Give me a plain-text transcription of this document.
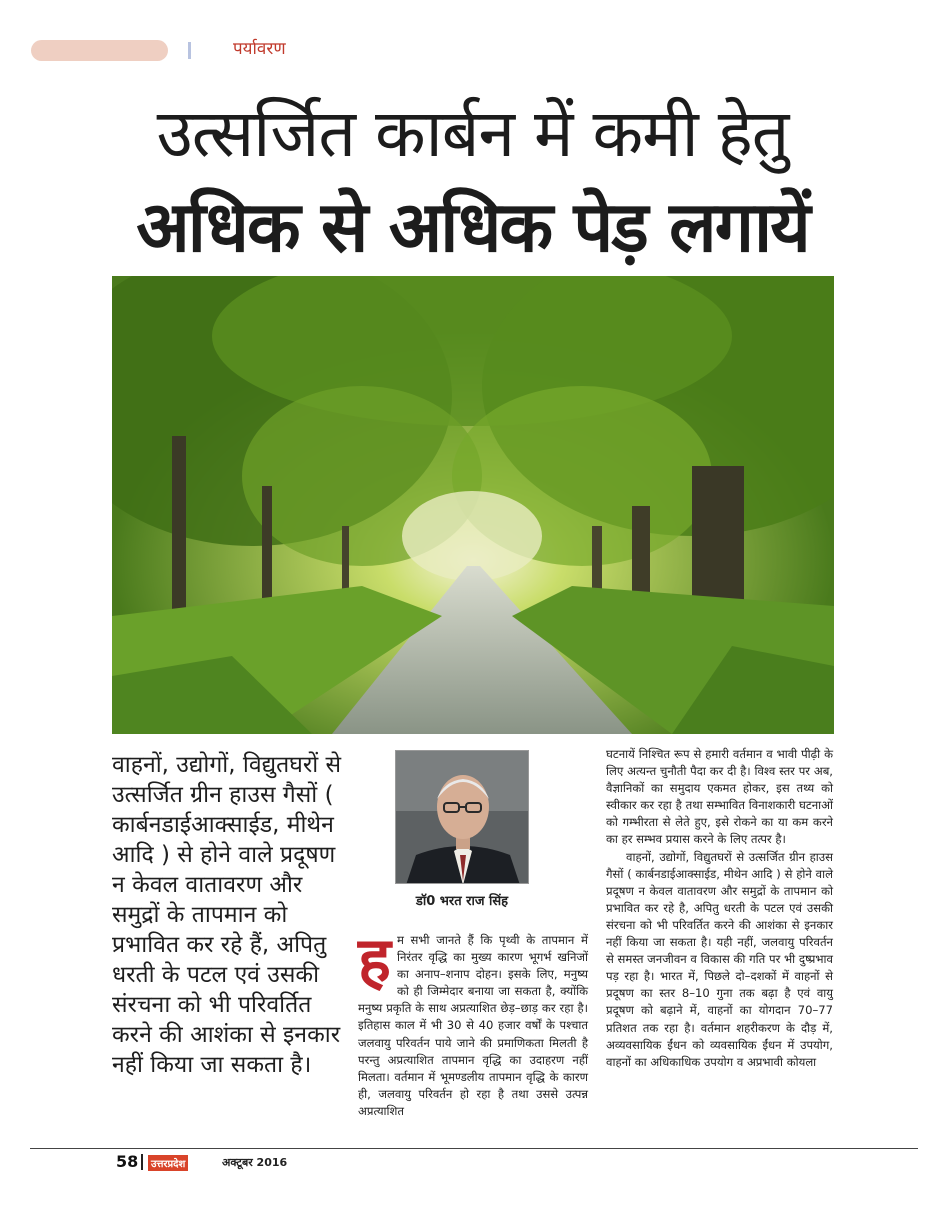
पर्यावरण
उत्सर्जित कार्बन में कमी हेतु
अधिक से अधिक पेड़ लगायें
वाहनों, उद्योगों, विद्युतघरों से उत्सर्जित ग्रीन हाउस गैसों ( कार्बनडाईआक्साईड, मीथेन आदि ) से होने वाले प्रदूषण न केवल वातावरण और समुद्रों के तापमान को प्रभावित कर रहे हैं, अपितु धरती के पटल एवं उसकी संरचना को भी परिवर्तित करने की आशंका से इनकार नहीं किया जा सकता है।
डॉ0 भरत राज सिंह

हम सभी जानते हैं कि पृथ्वी के तापमान में निरंतर वृद्धि का मुख्य कारण भूगर्भ खनिजों का अनाप–शनाप दोहन। इसके लिए, मनुष्य को ही जिम्मेदार बनाया जा सकता है, क्योंकि मनुष्य प्रकृति के साथ अप्रत्याशित छेड़–छाड़ कर रहा है। इतिहास काल में भी 30 से 40 हजार वर्षों के पश्चात जलवायु परिवर्तन पाये जाने की प्रमाणिकता मिलती है परन्तु अप्रत्याशित तापमान वृद्धि का उदाहरण नहीं मिलता। वर्तमान में भूमण्डलीय तापमान वृद्धि के कारण ही, जलवायु परिवर्तन हो रहा है तथा उससे उत्पन्न अप्रत्याशित

घटनायें निश्चित रूप से हमारी वर्तमान व भावी पीढ़ी के लिए अत्यन्त चुनौती पैदा कर दी है। विश्व स्तर पर अब, वैज्ञानिकों का समुदाय एकमत होकर, इस तथ्य को स्वीकार कर रहा है तथा सम्भावित विनाशकारी घटनाओं को गम्भीरता से लेते हुए, इसे रोकने का या कम करने का हर सम्भव प्रयास करने के लिए तत्पर है।

वाहनों, उद्योगों, विद्युतघरों से उत्सर्जित ग्रीन हाउस गैसों ( कार्बनडाईआक्साईड, मीथेन आदि ) से होने वाले प्रदूषण न केवल वातावरण और समुद्रों के तापमान को प्रभावित कर रहे है, अपितु धरती के पटल एवं उसकी संरचना को भी परिवर्तित करने की आशंका से इनकार नहीं किया जा सकता है। यही नहीं, जलवायु परिवर्तन से समस्त जनजीवन व विकास की गति पर भी दुष्प्रभाव पड़ रहा है। भारत में, पिछले दो–दशकों में वाहनों से प्रदूषण का स्तर 8–10 गुना तक बढ़ा है एवं वायु प्रदूषण को बढ़ाने में, वाहनों का योगदान 70–77 प्रतिशत तक रहा है। वर्तमान शहरीकरण के दौड़ में, अव्यवसायिक ईंधन को व्यवसायिक ईंधन में उपयोग, वाहनों का अधिकाधिक उपयोग व अप्रभावी कोयला

58	उत्तरप्रदेश	अक्टूबर 2016
